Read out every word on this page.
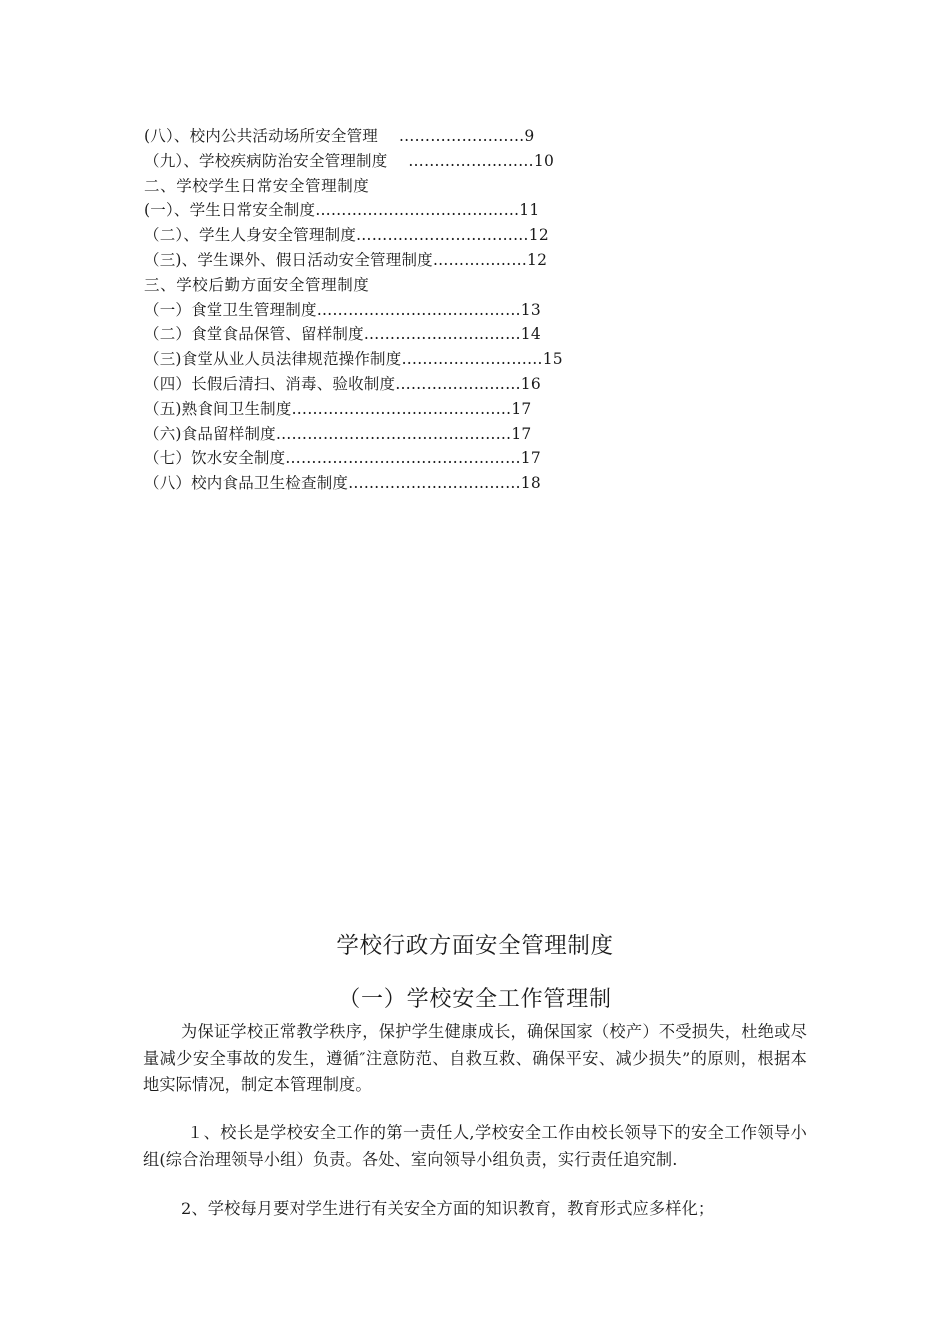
(八）、校内公共活动场所安全管理　 ……………………9
（九）、学校疾病防治安全管理制度　 ……………………10
二、学校学生日常安全管理制度
(一）、学生日常安全制度…………………………………11
（二）、学生人身安全管理制度……………………………12
（三)、学生课外、假日活动安全管理制度………………12
三、学校后勤方面安全管理制度
（一）食堂卫生管理制度…………………………………13
（二）食堂食品保管、留样制度…………………………14
（三)食堂从业人员法律规范操作制度………………………15
（四）长假后清扫、消毒、验收制度……………………16
（五)熟食间卫生制度……………………………………17
（六)食品留样制度………………………………………17
（七）饮水安全制度………………………………………17
（八）校内食品卫生检查制度……………………………18
学校行政方面安全管理制度
（一）学校安全工作管理制

为保证学校正常教学秩序，保护学生健康成长，确保国家（校产）不受损失，杜绝或尽量减少安全事故的发生，遵循″注意防范、自救互救、确保平安、减少损失”的原则，根据本地实际情况，制定本管理制度。

１、校长是学校安全工作的第一责任人,学校安全工作由校长领导下的安全工作领导小组(综合治理领导小组）负责。各处、室向领导小组负责，实行责任追究制.

2、学校每月要对学生进行有关安全方面的知识教育，教育形式应多样化；
